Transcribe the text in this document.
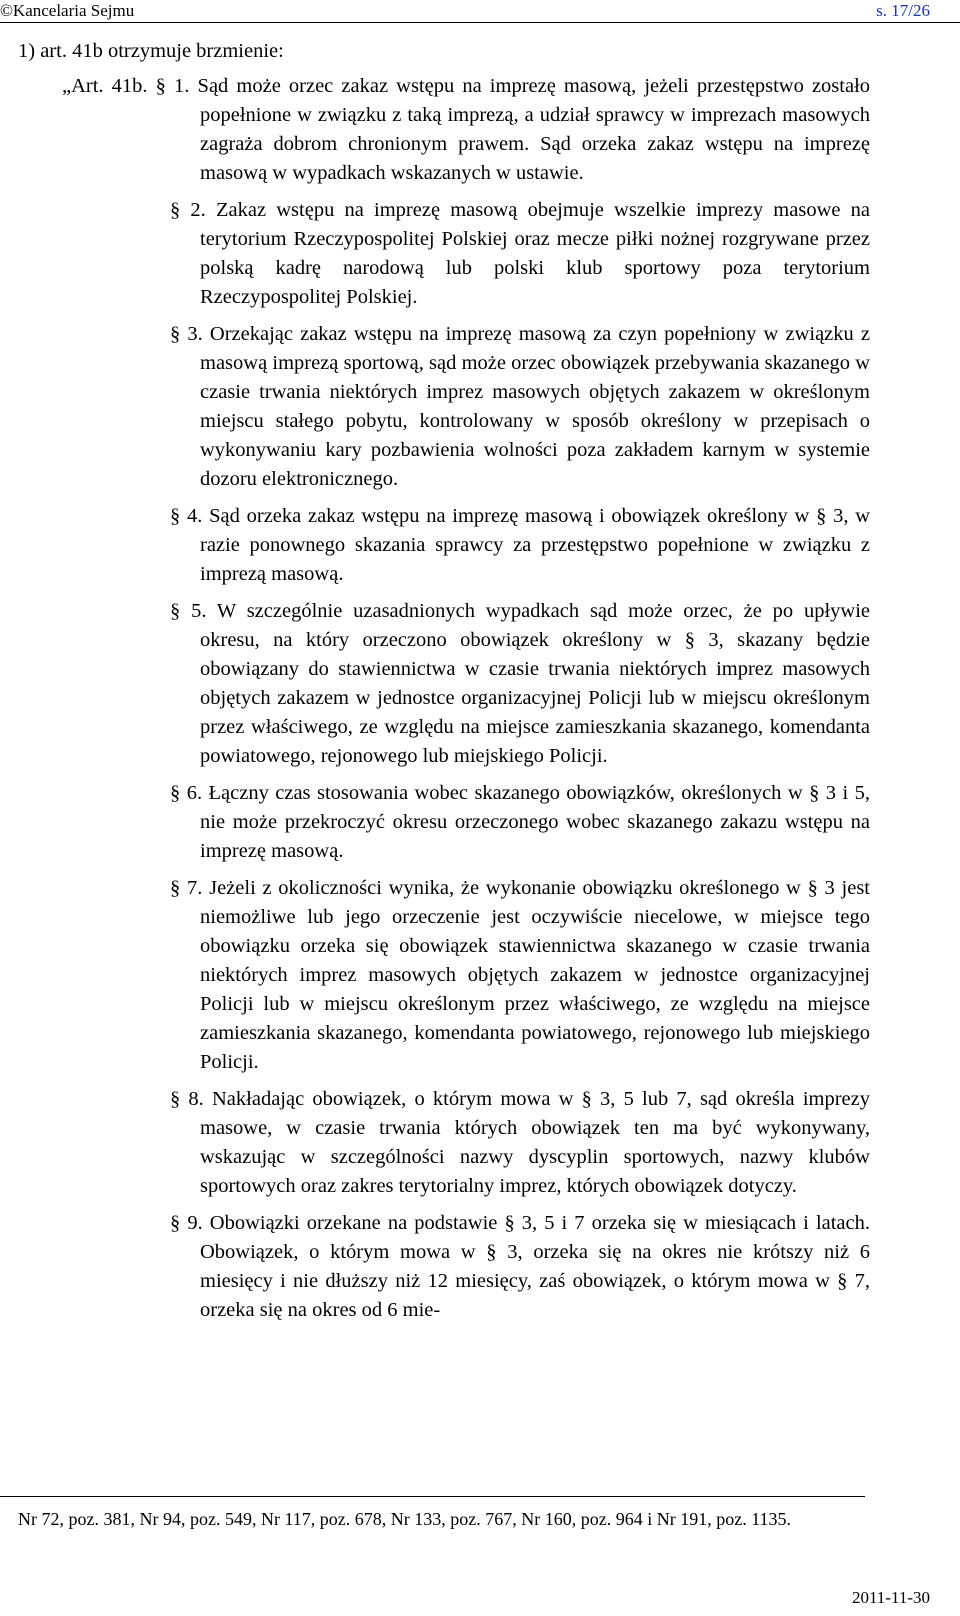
©Kancelaria Sejmu	s. 17/26

1) art. 41b otrzymuje brzmienie:

„Art. 41b. § 1. Sąd może orzec zakaz wstępu na imprezę masową, jeżeli przestępstwo zostało popełnione w związku z taką imprezą, a udział sprawcy w imprezach masowych zagraża dobrom chronionym prawem. Sąd orzeka zakaz wstępu na imprezę masową w wypadkach wskazanych w ustawie.

§ 2. Zakaz wstępu na imprezę masową obejmuje wszelkie imprezy masowe na terytorium Rzeczypospolitej Polskiej oraz mecze piłki nożnej rozgrywane przez polską kadrę narodową lub polski klub sportowy poza terytorium Rzeczypospolitej Polskiej.

§ 3. Orzekając zakaz wstępu na imprezę masową za czyn popełniony w związku z masową imprezą sportową, sąd może orzec obowiązek przebywania skazanego w czasie trwania niektórych imprez masowych objętych zakazem w określonym miejscu stałego pobytu, kontrolowany w sposób określony w przepisach o wykonywaniu kary pozbawienia wolności poza zakładem karnym w systemie dozoru elektronicznego.

§ 4. Sąd orzeka zakaz wstępu na imprezę masową i obowiązek określony w § 3, w razie ponownego skazania sprawcy za przestępstwo popełnione w związku z imprezą masową.

§ 5. W szczególnie uzasadnionych wypadkach sąd może orzec, że po upływie okresu, na który orzeczono obowiązek określony w § 3, skazany będzie obowiązany do stawiennictwa w czasie trwania niektórych imprez masowych objętych zakazem w jednostce organizacyjnej Policji lub w miejscu określonym przez właściwego, ze względu na miejsce zamieszkania skazanego, komendanta powiatowego, rejonowego lub miejskiego Policji.

§ 6. Łączny czas stosowania wobec skazanego obowiązków, określonych w § 3 i 5, nie może przekroczyć okresu orzeczonego wobec skazanego zakazu wstępu na imprezę masową.

§ 7. Jeżeli z okoliczności wynika, że wykonanie obowiązku określonego w § 3 jest niemożliwe lub jego orzeczenie jest oczywiście niecelowe, w miejsce tego obowiązku orzeka się obowiązek stawiennictwa skazanego w czasie trwania niektórych imprez masowych objętych zakazem w jednostce organizacyjnej Policji lub w miejscu określonym przez właściwego, ze względu na miejsce zamieszkania skazanego, komendanta powiatowego, rejonowego lub miejskiego Policji.

§ 8. Nakładając obowiązek, o którym mowa w § 3, 5 lub 7, sąd określa imprezy masowe, w czasie trwania których obowiązek ten ma być wykonywany, wskazując w szczególności nazwy dyscyplin sportowych, nazwy klubów sportowych oraz zakres terytorialny imprez, których obowiązek dotyczy.

§ 9. Obowiązki orzekane na podstawie § 3, 5 i 7 orzeka się w miesiącach i latach. Obowiązek, o którym mowa w § 3, orzeka się na okres nie krótszy niż 6 miesięcy i nie dłuższy niż 12 miesięcy, zaś obowiązek, o którym mowa w § 7, orzeka się na okres od 6 mie-

Nr 72, poz. 381, Nr 94, poz. 549, Nr 117, poz. 678, Nr 133, poz. 767, Nr 160, poz. 964 i Nr 191, poz. 1135.
2011-11-30
